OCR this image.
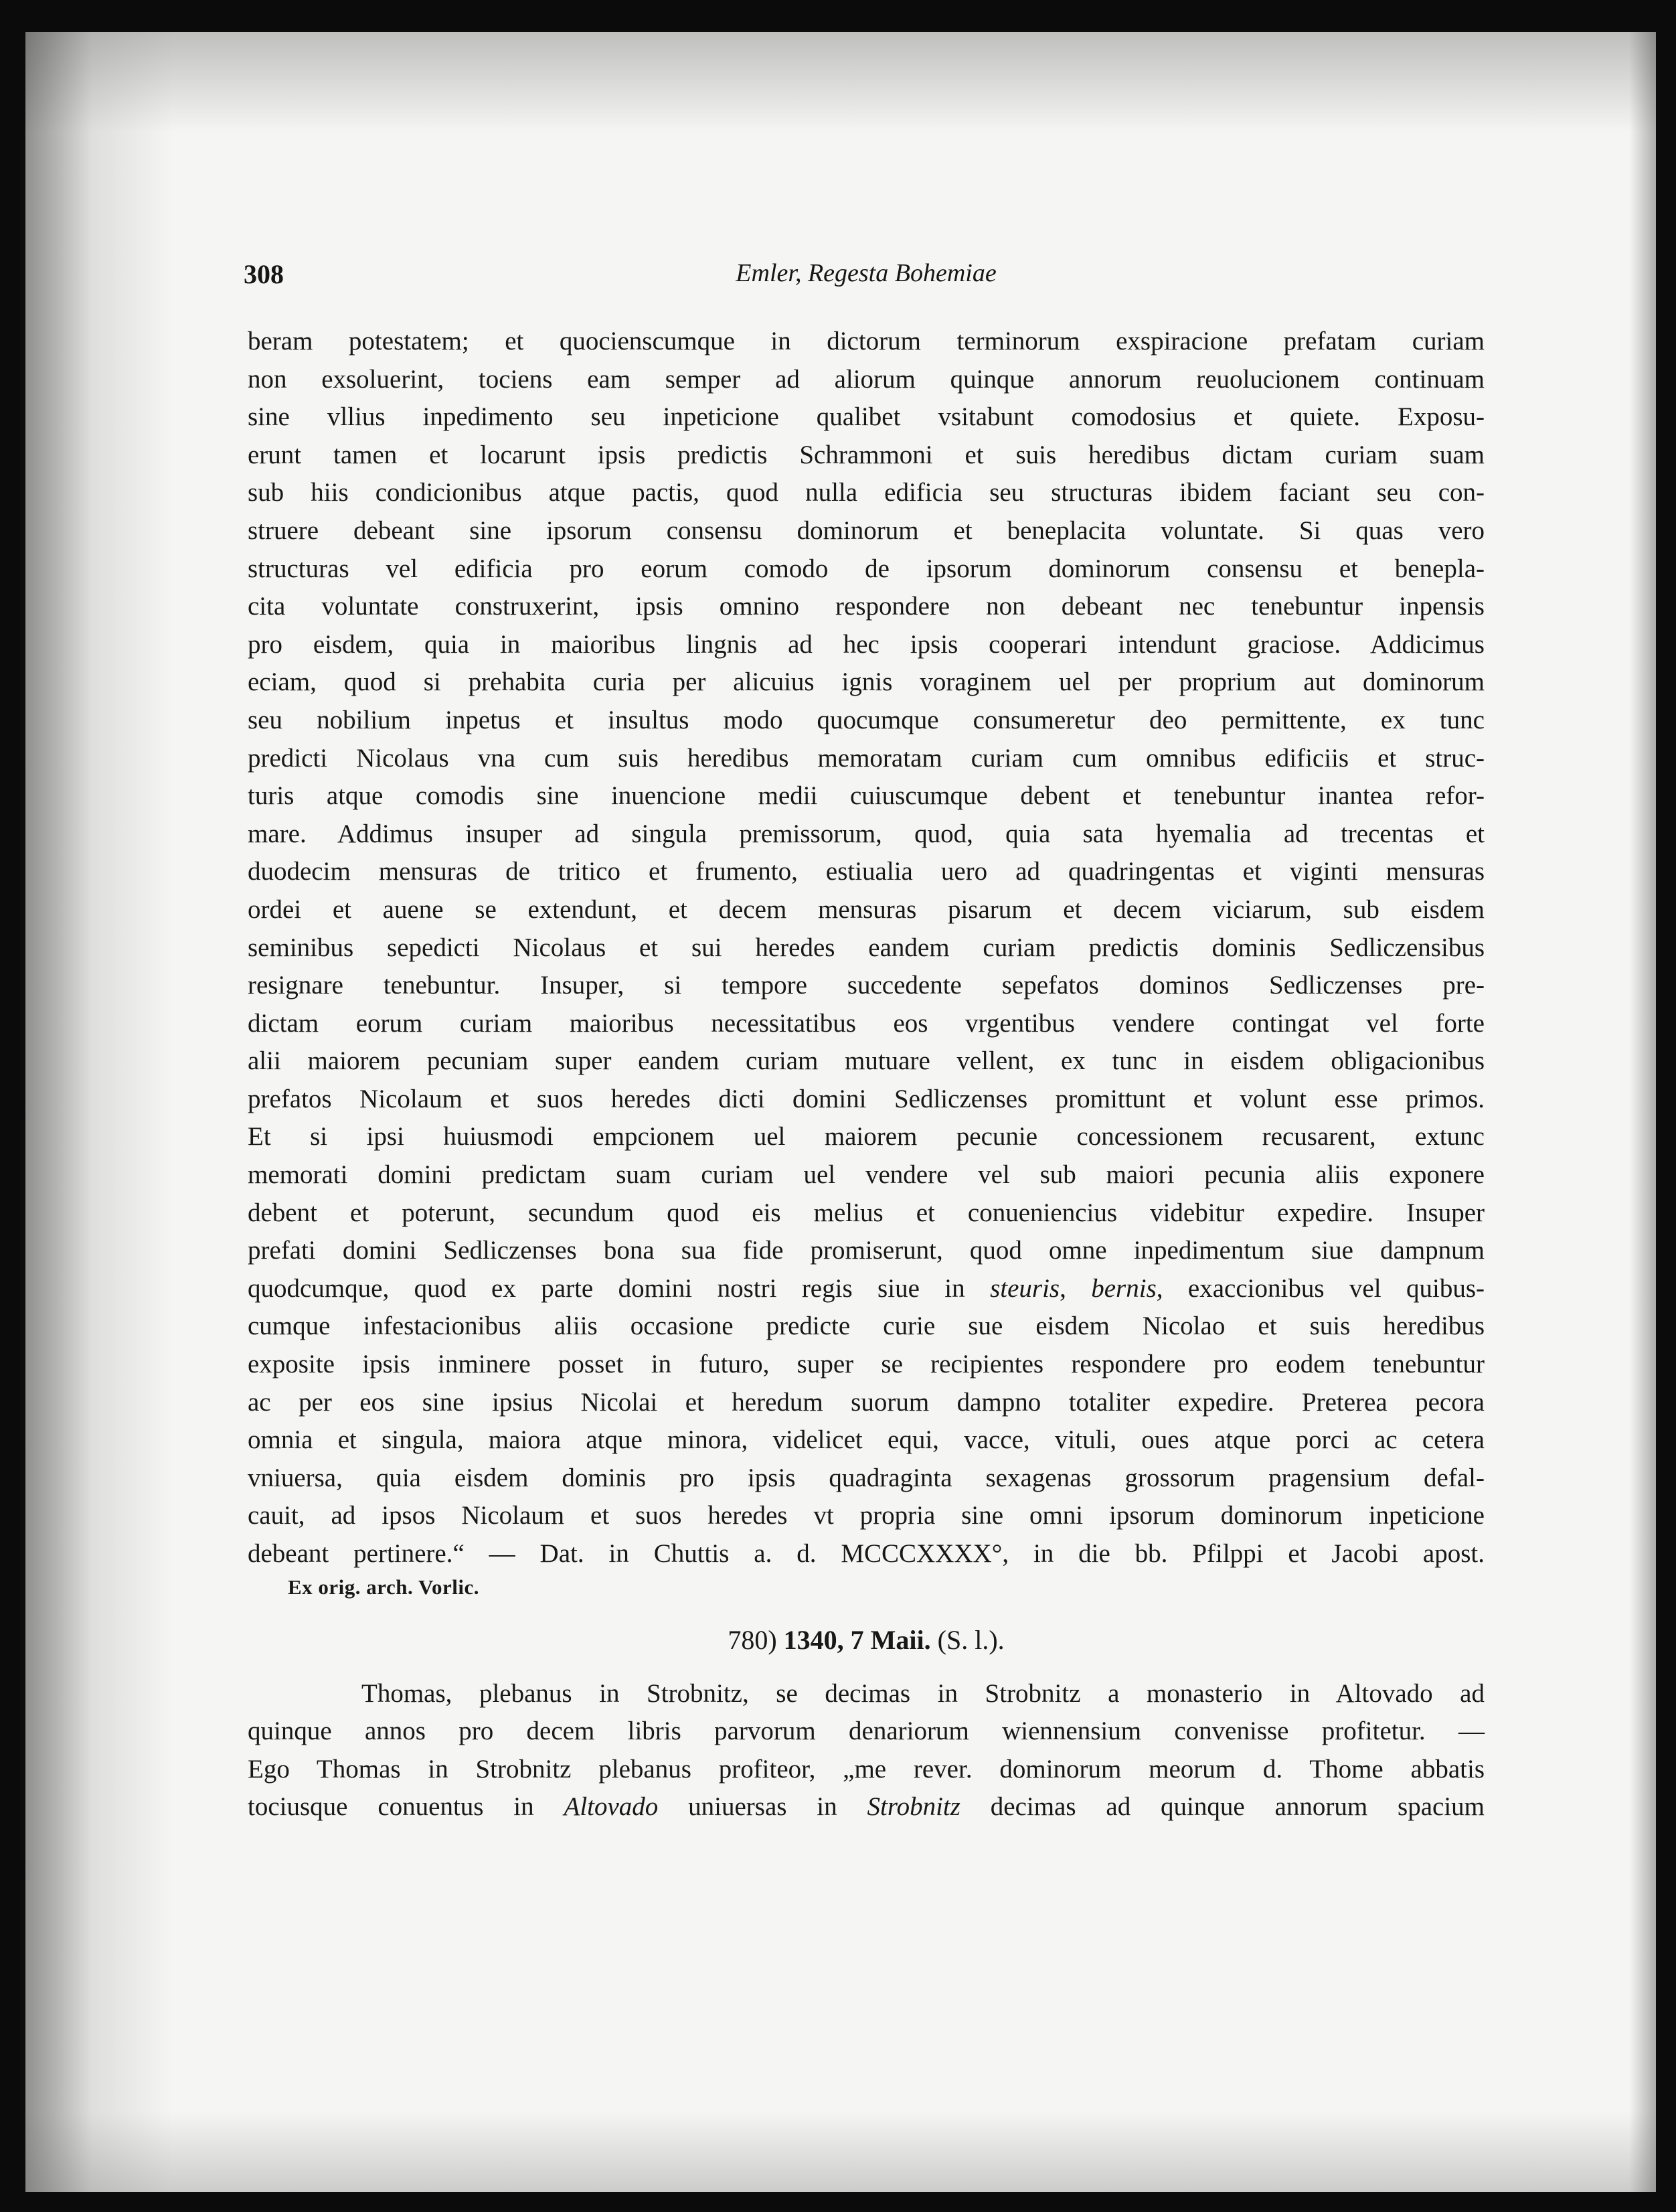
308	Emler, Regesta Bohemiae
beram potestatem; et quocienscumque in dictorum terminorum exspiracione prefatam curiam
non exsoluerint, tociens eam semper ad aliorum quinque annorum reuolucionem continuam
sine vllius inpedimento seu inpeticione qualibet vsitabunt comodosius et quiete. Exposu-
erunt tamen et locarunt ipsis predictis Schrammoni et suis heredibus dictam curiam suam
sub hiis condicionibus atque pactis, quod nulla edificia seu structuras ibidem faciant seu con-
struere debeant sine ipsorum consensu dominorum et beneplacita voluntate. Si quas vero
structuras vel edificia pro eorum comodo de ipsorum dominorum consensu et benepla-
cita voluntate construxerint, ipsis omnino respondere non debeant nec tenebuntur inpensis
pro eisdem, quia in maioribus lingnis ad hec ipsis cooperari intendunt graciose. Addicimus
eciam, quod si prehabita curia per alicuius ignis voraginem uel per proprium aut dominorum
seu nobilium inpetus et insultus modo quocumque consumeretur deo permittente, ex tunc
predicti Nicolaus vna cum suis heredibus memoratam curiam cum omnibus edificiis et struc-
turis atque comodis sine inuencione medii cuiuscumque debent et tenebuntur inantea refor-
mare. Addimus insuper ad singula premissorum, quod, quia sata hyemalia ad trecentas et
duodecim mensuras de tritico et frumento, estiualia uero ad quadringentas et viginti mensuras
ordei et auene se extendunt, et decem mensuras pisarum et decem viciarum, sub eisdem
seminibus sepedicti Nicolaus et sui heredes eandem curiam predictis dominis Sedliczensibus
resignare tenebuntur. Insuper, si tempore succedente sepefatos dominos Sedliczenses pre-
dictam eorum curiam maioribus necessitatibus eos vrgentibus vendere contingat vel forte
alii maiorem pecuniam super eandem curiam mutuare vellent, ex tunc in eisdem obligacionibus
prefatos Nicolaum et suos heredes dicti domini Sedliczenses promittunt et volunt esse primos.
Et si ipsi huiusmodi empcionem uel maiorem pecunie concessionem recusarent, extunc
memorati domini predictam suam curiam uel vendere vel sub maiori pecunia aliis exponere
debent et poterunt, secundum quod eis melius et conueniencius videbitur expedire. Insuper
prefati domini Sedliczenses bona sua fide promiserunt, quod omne inpedimentum siue dampnum
quodcumque, quod ex parte domini nostri regis siue in steuris, bernis, exaccionibus vel quibus-
cumque infestacionibus aliis occasione predicte curie sue eisdem Nicolao et suis heredibus
exposite ipsis inminere posset in futuro, super se recipientes respondere pro eodem tenebuntur
ac per eos sine ipsius Nicolai et heredum suorum dampno totaliter expedire. Preterea pecora
omnia et singula, maiora atque minora, videlicet equi, vacce, vituli, oues atque porci ac cetera
vniuersa, quia eisdem dominis pro ipsis quadraginta sexagenas grossorum pragensium defal-
cauit, ad ipsos Nicolaum et suos heredes vt propria sine omni ipsorum dominorum inpeticione
debeant pertinere.“ — Dat. in Chuttis a. d. MCCCXXXX°, in die bb. Pfilppi et Jacobi apost.
Ex orig. arch. Vorlic.
780) 1340, 7 Maii. (S. l.).
Thomas, plebanus in Strobnitz, se decimas in Strobnitz a monasterio in Altovado ad
quinque annos pro decem libris parvorum denariorum wiennensium convenisse profitetur. —
Ego Thomas in Strobnitz plebanus profiteor, „me rever. dominorum meorum d. Thome abbatis
tociusque conuentus in Altovado uniuersas in Strobnitz decimas ad quinque annorum spacium
